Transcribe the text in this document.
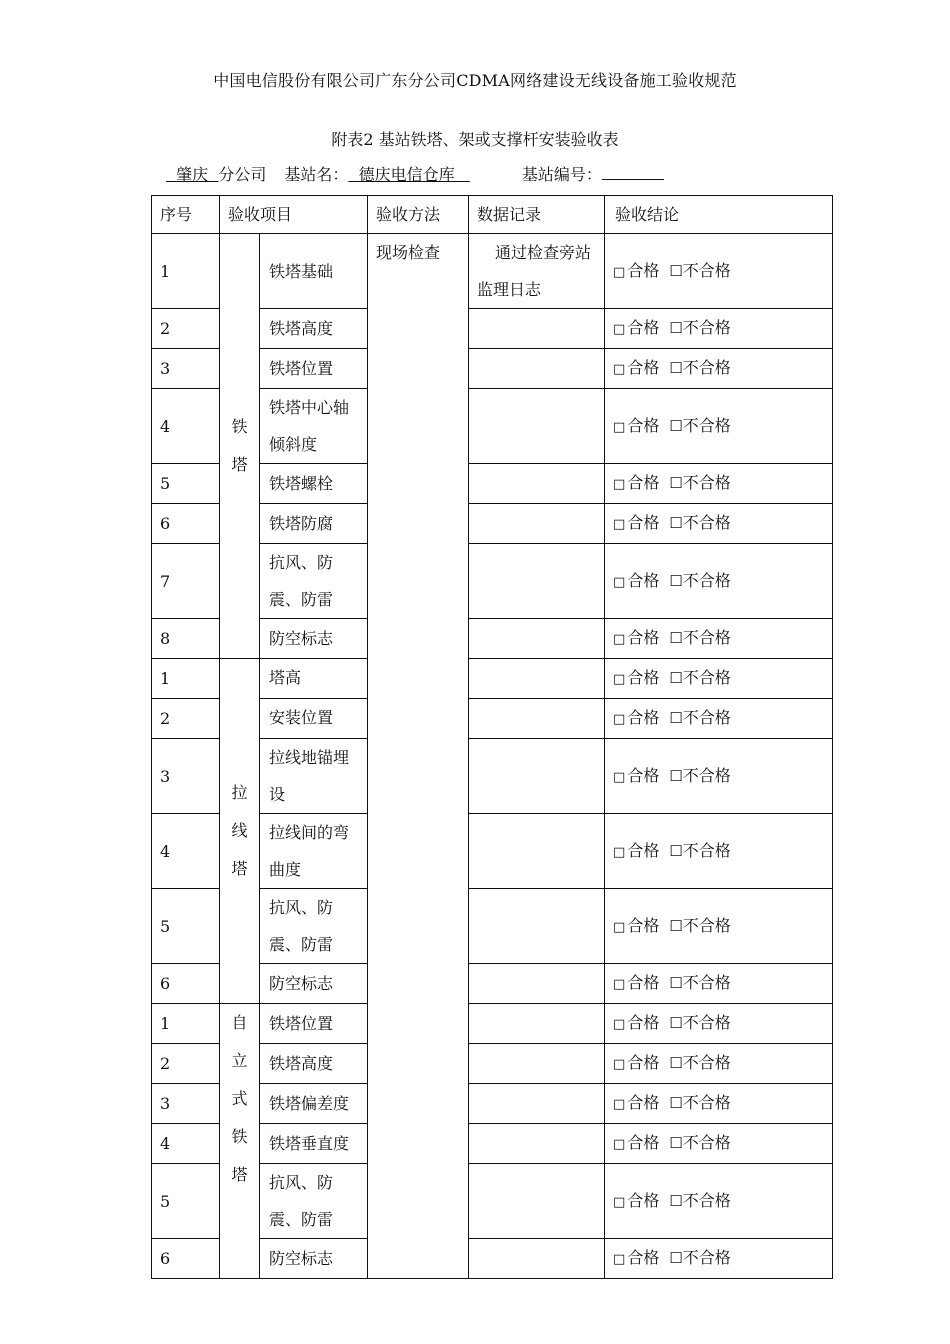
中国电信股份有限公司广东分公司CDMA网络建设无线设备施工验收规范
附表2 基站铁塔、架或支撑杆安装验收表
肇庆 分公司 基站名： 德庆电信仓库	基站编号：
序号	验收项目		验收方法	数据记录	验收结论
1	铁塔	铁塔基础	现场检查	通过检查旁站监理日志	□ 合格 ☐不合格
2		铁塔高度			□ 合格 ☐不合格
3		铁塔位置			□ 合格 ☐不合格
4		铁塔中心轴
倾斜度			□ 合格 ☐不合格
5		铁塔螺栓			□ 合格 ☐不合格
6		铁塔防腐			□ 合格 ☐不合格
7		抗风、防
震、防雷			□ 合格 ☐不合格
8		防空标志			□ 合格 ☐不合格
1	拉线塔	塔高			□ 合格 ☐不合格
2		安装位置			□ 合格 ☐不合格
3		拉线地锚埋
设			□ 合格 ☐不合格
4		拉线间的弯
曲度			□ 合格 ☐不合格
5		抗风、防
震、防雷			□ 合格 ☐不合格
6		防空标志			□ 合格 ☐不合格
1	自立式铁塔	铁塔位置			□ 合格 ☐不合格
2		铁塔高度			□ 合格 ☐不合格
3		铁塔偏差度			□ 合格 ☐不合格
4		铁塔垂直度			□ 合格 ☐不合格
5		抗风、防
震、防雷			□ 合格 ☐不合格
6		防空标志			□ 合格 ☐不合格
